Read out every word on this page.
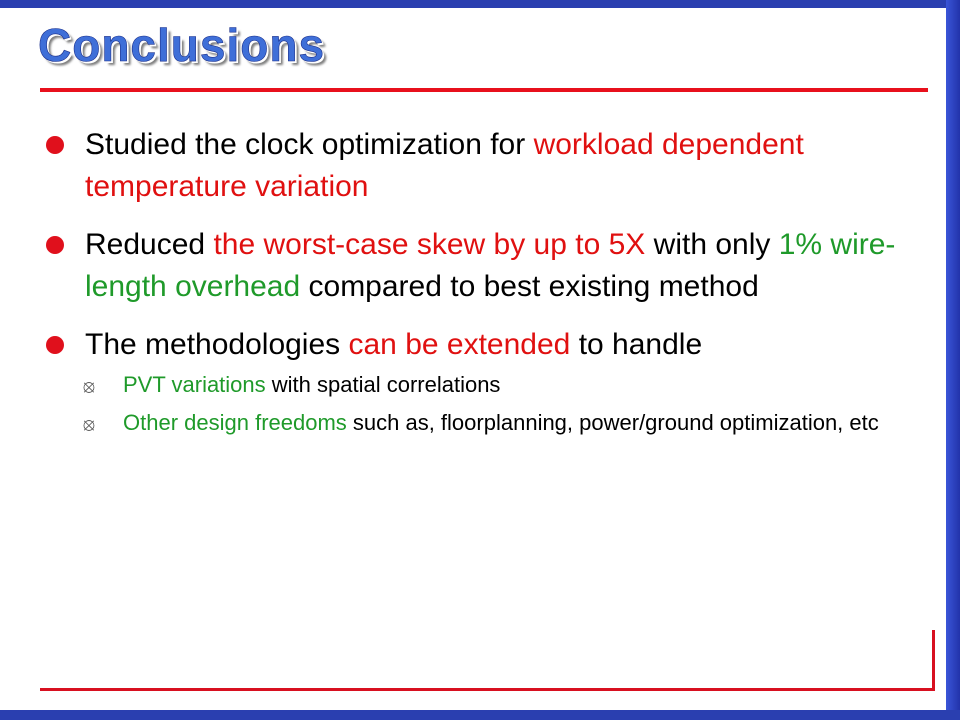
Conclusions
Studied the clock optimization for workload dependent temperature variation
Reduced the worst-case skew by up to 5X with only 1% wire-length overhead compared to best existing method
The methodologies can be extended to handle
⦻ PVT variations with spatial correlations
⦻ Other design freedoms such as, floorplanning, power/ground optimization, etc
